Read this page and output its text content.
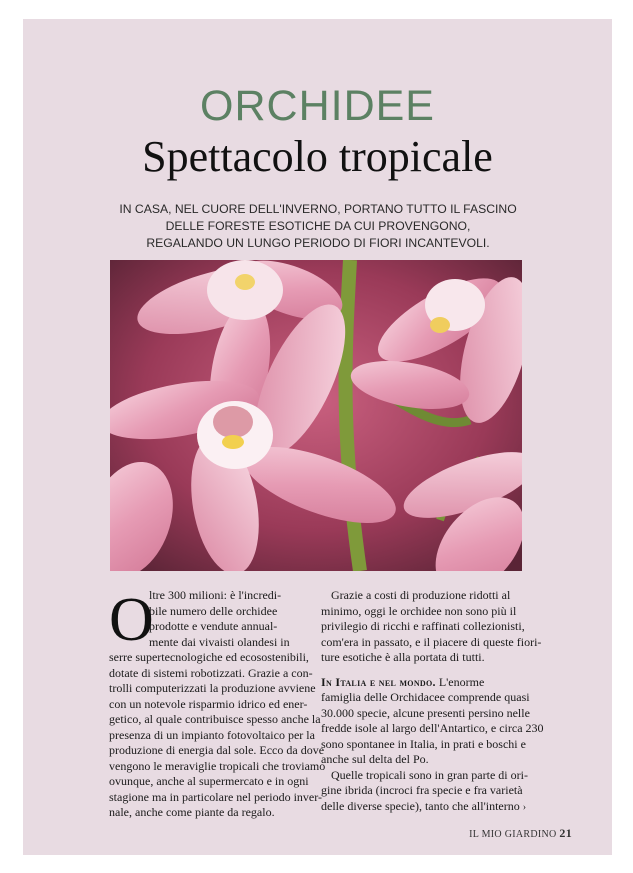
ORCHIDEE
Spettacolo tropicale
IN CASA, NEL CUORE DELL'INVERNO, PORTANO TUTTO IL FASCINO
DELLE FORESTE ESOTICHE DA CUI PROVENGONO,
REGALANDO UN LUNGO PERIODO DI FIORI INCANTEVOLI.
O
ltre 300 milioni: è l'incredi-
bile numero delle orchidee
prodotte e vendute annual-
mente dai vivaisti olandesi in
serre supertecnologiche ed ecosostenibili,
dotate di sistemi robotizzati. Grazie a con-
trolli computerizzati la produzione avviene
con un notevole risparmio idrico ed ener-
getico, al quale contribuisce spesso anche la
presenza di un impianto fotovoltaico per la
produzione di energia dal sole. Ecco da dove
vengono le meraviglie tropicali che troviamo
ovunque, anche al supermercato e in ogni
stagione ma in particolare nel periodo inver-
nale, anche come piante da regalo.
Grazie a costi di produzione ridotti al
minimo, oggi le orchidee non sono più il
privilegio di ricchi e raffinati collezionisti,
com'era in passato, e il piacere di queste fiori-
ture esotiche è alla portata di tutti.
In Italia e nel mondo. L'enorme
famiglia delle Orchidacee comprende quasi
30.000 specie, alcune presenti persino nelle
fredde isole al largo dell'Antartico, e circa 230
sono spontanee in Italia, in prati e boschi e
anche sul delta del Po.
Quelle tropicali sono in gran parte di ori-
gine ibrida (incroci fra specie e fra varietà
delle diverse specie), tanto che all'interno ›
IL MIO GIARDINO 21
